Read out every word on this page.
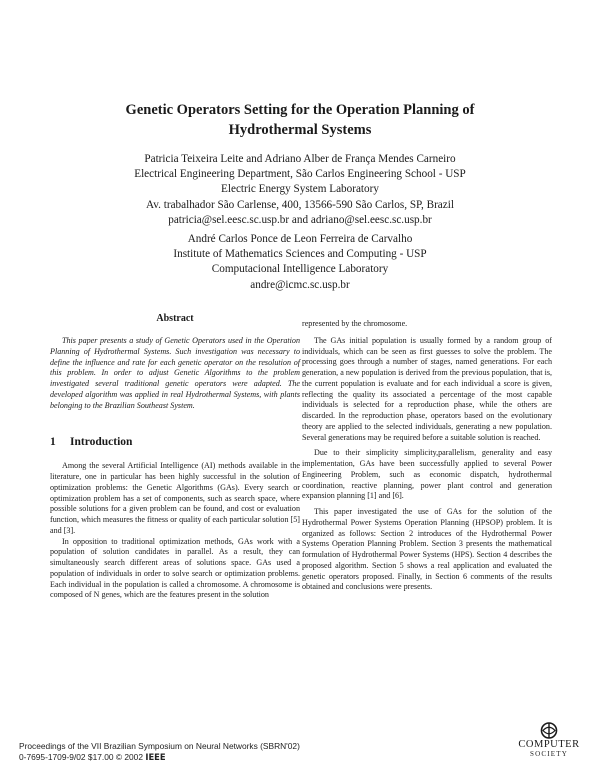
Genetic Operators Setting for the Operation Planning of
Hydrothermal Systems
Patricia Teixeira Leite and Adriano Alber de França Mendes Carneiro
Electrical Engineering Department, São Carlos Engineering School - USP
Electric Energy System Laboratory
Av. trabalhador São Carlense, 400, 13566-590 São Carlos, SP, Brazil
patricia@sel.eesc.sc.usp.br and adriano@sel.eesc.sc.usp.br
André Carlos Ponce de Leon Ferreira de Carvalho
Institute of Mathematics Sciences and Computing - USP
Computacional Intelligence Laboratory
andre@icmc.sc.usp.br

Abstract

This paper presents a study of Genetic Operators used in the Operation Planning of Hydrothermal Systems. Such investigation was necessary to define the influence and rate for each genetic operator on the resolution of this problem. In order to adjust Genetic Algorithms to the problem investigated several traditional genetic operators were adapted. The developed algorithm was applied in real Hydrothermal Systems, with plants belonging to the Brazilian Southeast System.

1 Introduction

Among the several Artificial Intelligence (AI) methods available in the literature, one in particular has been highly successful in the solution of optimization problems: the Genetic Algorithms (GAs). Every search or optimization problem has a set of components, such as search space, where possible solutions for a given problem can be found, and cost or evaluation function, which measures the fitness or quality of each particular solution [5] and [3].

In opposition to traditional optimization methods, GAs work with a population of solution candidates in parallel. As a result, they can simultaneously search different areas of solutions space. GAs used a population of individuals in order to solve search or optimization problems. Each individual in the population is called a chromosome. A chromosome is composed of N genes, which are the features present in the solution

represented by the chromosome.

The GAs initial population is usually formed by a random group of individuals, which can be seen as first guesses to solve the problem. The processing goes through a number of stages, named generations. For each generation, a new population is derived from the previous population, that is, the current population is evaluate and for each individual a score is given, reflecting the quality its associated a percentage of the most capable individuals is selected for a reproduction phase, while the others are discarded. In the reproduction phase, operators based on the evolutionary theory are applied to the selected individuals, generating a new population. Several generations may be required before a suitable solution is reached.

Due to their simplicity simplicity,parallelism, generality and easy implementation, GAs have been successfully applied to several Power Engineering Problem, such as economic dispatch, hydrothermal coordination, reactive planning, power plant control and generation expansion planning [1] and [6].

This paper investigated the use of GAs for the solution of the Hydrothermal Power Systems Operation Planning (HPSOP) problem. It is organized as follows: Section 2 introduces of the Hydrothermal Power Systems Operation Planning Problem. Section 3 presents the mathematical formulation of Hydrothermal Power Systems (HPS). Section 4 describes the proposed algorithm. Section 5 shows a real application and evaluated the genetic operators proposed. Finally, in Section 6 comments of the results obtained and conclusions were presents.

Proceedings of the VII Brazilian Symposium on Neural Networks (SBRN'02)
0-7695-1709-9/02 $17.00 © 2002 IEEE
COMPUTER
SOCIETY
